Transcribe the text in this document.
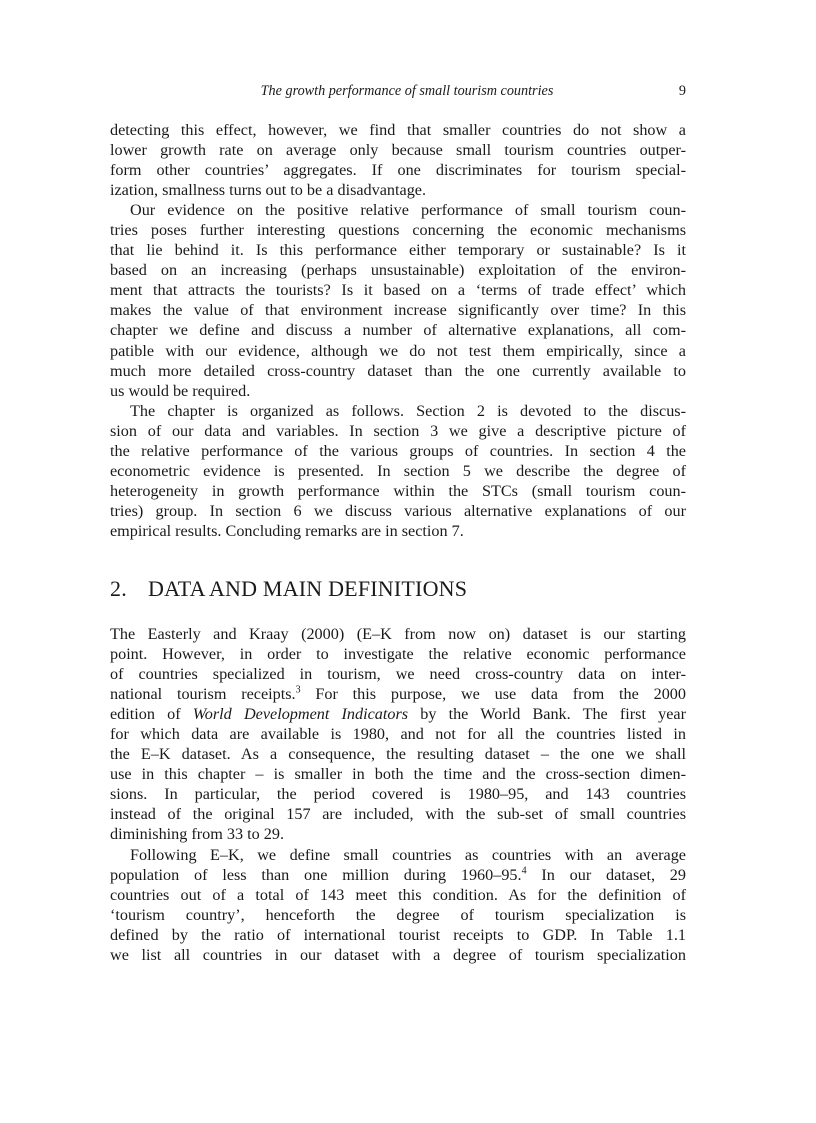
The growth performance of small tourism countries	9
detecting this effect, however, we find that smaller countries do not show a
lower growth rate on average only because small tourism countries outper-
form other countries’ aggregates. If one discriminates for tourism special-
ization, smallness turns out to be a disadvantage.
Our evidence on the positive relative performance of small tourism coun-
tries poses further interesting questions concerning the economic mechanisms
that lie behind it. Is this performance either temporary or sustainable? Is it
based on an increasing (perhaps unsustainable) exploitation of the environ-
ment that attracts the tourists? Is it based on a ‘terms of trade effect’ which
makes the value of that environment increase significantly over time? In this
chapter we define and discuss a number of alternative explanations, all com-
patible with our evidence, although we do not test them empirically, since a
much more detailed cross-country dataset than the one currently available to
us would be required.
The chapter is organized as follows. Section 2 is devoted to the discus-
sion of our data and variables. In section 3 we give a descriptive picture of
the relative performance of the various groups of countries. In section 4 the
econometric evidence is presented. In section 5 we describe the degree of
heterogeneity in growth performance within the STCs (small tourism coun-
tries) group. In section 6 we discuss various alternative explanations of our
empirical results. Concluding remarks are in section 7.
2. DATA AND MAIN DEFINITIONS
The Easterly and Kraay (2000) (E–K from now on) dataset is our starting
point. However, in order to investigate the relative economic performance
of countries specialized in tourism, we need cross-country data on inter-
national tourism receipts.$^3$ For this purpose, we use data from the 2000
edition of World Development Indicators by the World Bank. The first year
for which data are available is 1980, and not for all the countries listed in
the E–K dataset. As a consequence, the resulting dataset – the one we shall
use in this chapter – is smaller in both the time and the cross-section dimen-
sions. In particular, the period covered is 1980–95, and 143 countries
instead of the original 157 are included, with the sub-set of small countries
diminishing from 33 to 29.
Following E–K, we define small countries as countries with an average
population of less than one million during 1960–95.$^4$ In our dataset, 29
countries out of a total of 143 meet this condition. As for the definition of
‘tourism country’, henceforth the degree of tourism specialization is
defined by the ratio of international tourist receipts to GDP. In Table 1.1
we list all countries in our dataset with a degree of tourism specialization
